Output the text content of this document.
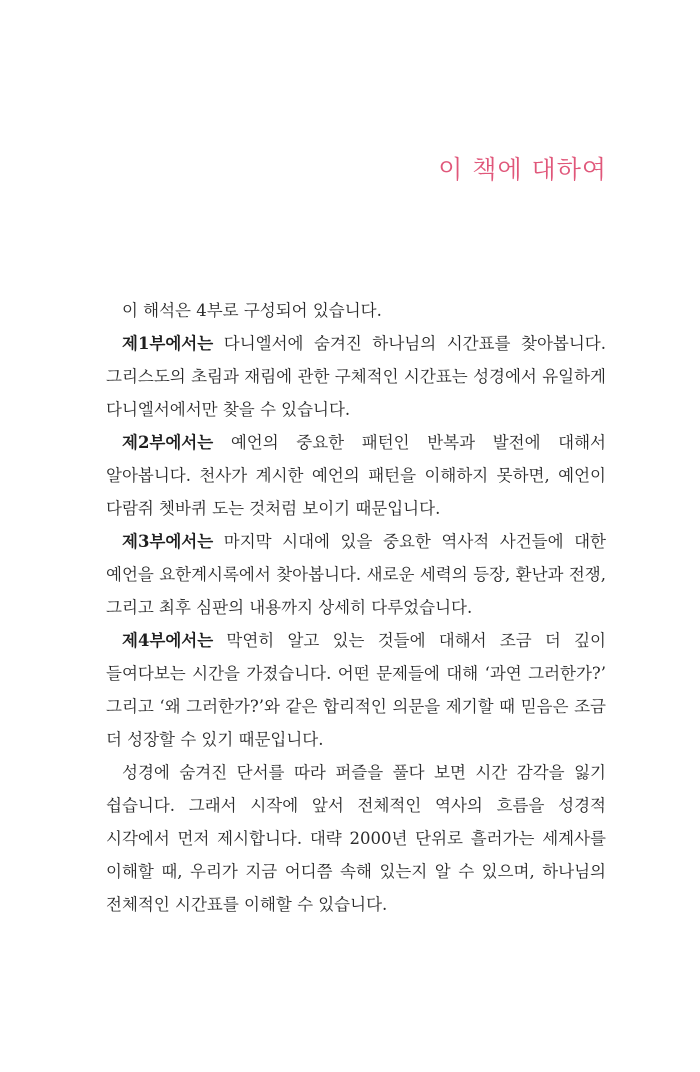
이 책에 대하여

이 해석은 4부로 구성되어 있습니다.

제1부에서는 다니엘서에 숨겨진 하나님의 시간표를 찾아봅니다. 그리스도의 초림과 재림에 관한 구체적인 시간표는 성경에서 유일하게 다니엘서에서만 찾을 수 있습니다.

제2부에서는 예언의 중요한 패턴인 반복과 발전에 대해서 알아봅니다. 천사가 계시한 예언의 패턴을 이해하지 못하면, 예언이 다람쥐 쳇바퀴 도는 것처럼 보이기 때문입니다.

제3부에서는 마지막 시대에 있을 중요한 역사적 사건들에 대한 예언을 요한계시록에서 찾아봅니다. 새로운 세력의 등장, 환난과 전쟁, 그리고 최후 심판의 내용까지 상세히 다루었습니다.

제4부에서는 막연히 알고 있는 것들에 대해서 조금 더 깊이 들여다보는 시간을 가졌습니다. 어떤 문제들에 대해 ‘과연 그러한가?’ 그리고 ‘왜 그러한가?’와 같은 합리적인 의문을 제기할 때 믿음은 조금 더 성장할 수 있기 때문입니다.

성경에 숨겨진 단서를 따라 퍼즐을 풀다 보면 시간 감각을 잃기 쉽습니다. 그래서 시작에 앞서 전체적인 역사의 흐름을 성경적 시각에서 먼저 제시합니다. 대략 2000년 단위로 흘러가는 세계사를 이해할 때, 우리가 지금 어디쯤 속해 있는지 알 수 있으며, 하나님의 전체적인 시간표를 이해할 수 있습니다.
